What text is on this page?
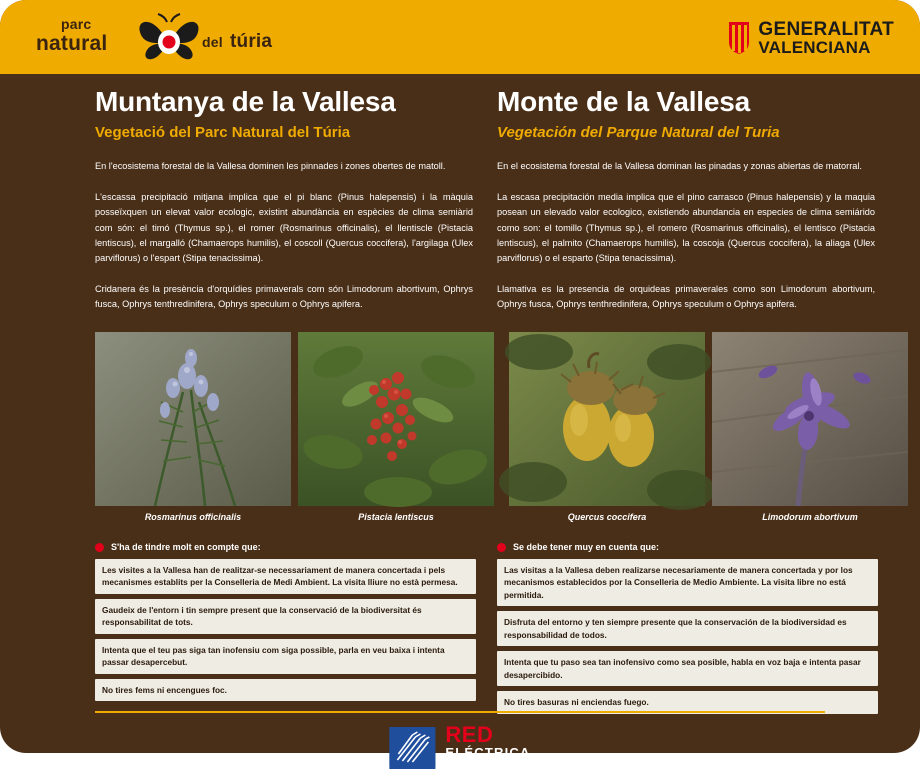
parc
natural	del túria
GENERALITAT
VALENCIANA
Muntanya de la Vallesa
Vegetació del Parc Natural del Túria

En l'ecosistema forestal de la Vallesa dominen les pinnades i zones obertes de matoll.

L'escassa precipitació mitjana implica que el pi blanc (Pinus halepensis) i la màquia posseïxquen un elevat valor ecologic, existint abundància en espècies de clima semiàrid com són: el timó (Thymus sp.), el romer (Rosmarinus officinalis), el llentiscle (Pistacia lentiscus), el margalló (Chamaerops humilis), el coscoll (Quercus coccifera), l'argilaga (Ulex parviflorus) o l'espart (Stipa tenacissima).

Cridanera és la presència d'orquídies primaverals com són Limodorum abortivum, Ophrys fusca, Ophrys tenthredinifera, Ophrys speculum o Ophrys apifera.

Monte de la Vallesa
Vegetación del Parque Natural del Turia

En el ecosistema forestal de la Vallesa dominan las pinadas y zonas abiertas de matorral.

La escasa precipitación media implica que el pino carrasco (Pinus halepensis) y la maquia posean un elevado valor ecologico, existiendo abundancia en especies de clima semiárido como son: el tomillo (Thymus sp.), el romero (Rosmarinus officinalis), el lentisco (Pistacia lentiscus), el palmito (Chamaerops humilis), la coscoja (Quercus coccifera), la aliaga (Ulex parviflorus) o el esparto (Stipa tenacissima).

Llamativa es la presencia de orquideas primaverales como son Limodorum abortivum, Ophrys fusca, Ophrys tenthredinifera, Ophrys speculum o Ophrys apifera.

Rosmarinus officinalis	Pistacia lentiscus	Quercus coccifera	Limodorum abortivum
S'ha de tindre molt en compte que:
Les visites a la Vallesa han de realitzar-se necessariament de manera concertada i pels mecanismes establits per la Conselleria de Medi Ambient. La visita lliure no està permesa.
Gaudeix de l'entorn i tin sempre present que la conservació de la biodiversitat és responsabilitat de tots.
Intenta que el teu pas siga tan inofensiu com siga possible, parla en veu baixa i intenta passar desapercebut.
No tires fems ni encengues foc.
Se debe tener muy en cuenta que:
Las visitas a la Vallesa deben realizarse necesariamente de manera concertada y por los mecanismos establecidos por la Conselleria de Medio Ambiente. La visita libre no está permitida.
Disfruta del entorno y ten siempre presente que la conservación de la biodiversidad es responsabilidad de todos.
Intenta que tu paso sea tan inofensivo como sea posible, habla en voz baja e intenta pasar desapercibido.
No tires basuras ni enciendas fuego.
RED
ELÉCTRICA
DE ESPAÑA
